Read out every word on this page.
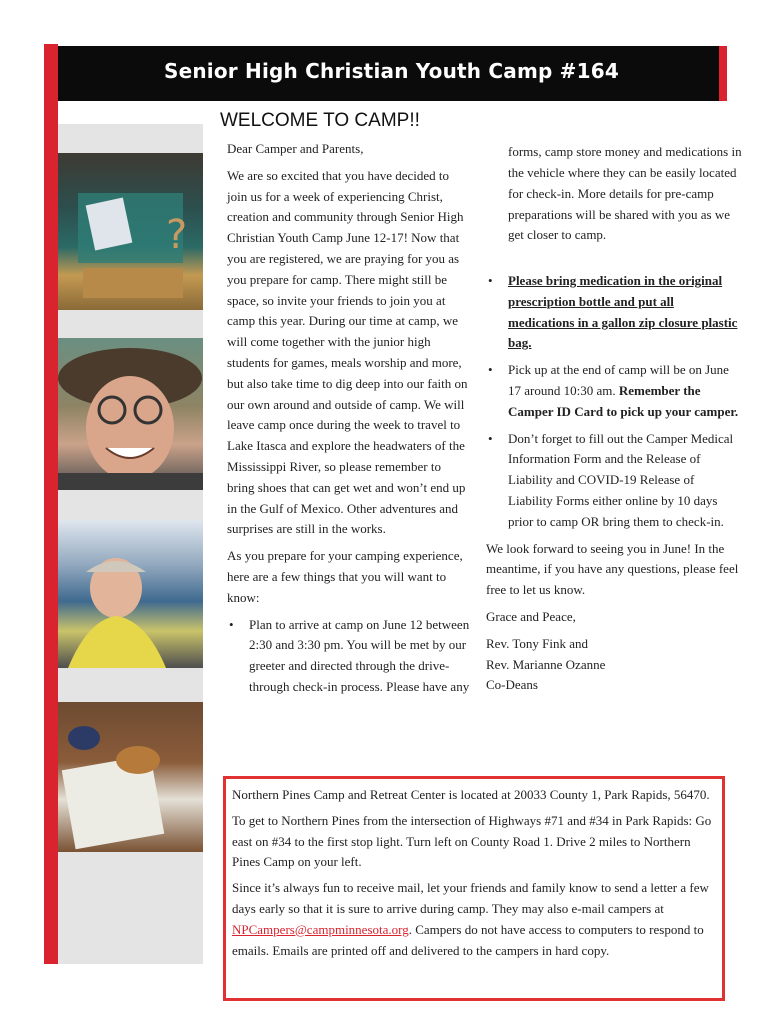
Senior High Christian Youth Camp #164
WELCOME TO CAMP!!
?

Dear Camper and Parents,

We are so excited that you have decided to join us for a week of experiencing Christ, creation and community through Senior High Christian Youth Camp June 12-17! Now that you are registered, we are praying for you as you prepare for camp. There might still be space, so invite your friends to join you at camp this year. During our time at camp, we will come together with the junior high students for games, meals worship and more, but also take time to dig deep into our faith on our own around and outside of camp. We will leave camp once during the week to travel to Lake Itasca and explore the headwaters of the Mississippi River, so please remember to bring shoes that can get wet and won’t end up in the Gulf of Mexico. Other adventures and surprises are still in the works.

As you prepare for your camping experience, here are a few things that you will want to know:

• Plan to arrive at camp on June 12 between 2:30 and 3:30 pm. You will be met by our greeter and directed through the drive-through check-in process. Please have any
forms, camp store money and medications in the vehicle where they can be easily located for check-in. More details for pre-camp preparations will be shared with you as we get closer to camp.
• Please bring medication in the original prescription bottle and put all medications in a gallon zip closure plastic bag.
• Pick up at the end of camp will be on June 17 around 10:30 am. Remember the Camper ID Card to pick up your camper.
• Don’t forget to fill out the Camper Medical Information Form and the Release of Liability and COVID-19 Release of Liability Forms either online by 10 days prior to camp OR bring them to check-in.

We look forward to seeing you in June! In the meantime, if you have any questions, please feel free to let us know.

Grace and Peace,

Rev. Tony Fink and

Rev. Marianne Ozanne

Co-Deans

Northern Pines Camp and Retreat Center is located at 20033 County 1, Park Rapids, 56470.

To get to Northern Pines from the intersection of Highways #71 and #34 in Park Rapids: Go east on #34 to the first stop light. Turn left on County Road 1. Drive 2 miles to Northern Pines Camp on your left.

Since it’s always fun to receive mail, let your friends and family know to send a letter a few days early so that it is sure to arrive during camp. They may also e-mail campers at NPCampers@campminnesota.org. Campers do not have access to computers to respond to emails. Emails are printed off and delivered to the campers in hard copy.
